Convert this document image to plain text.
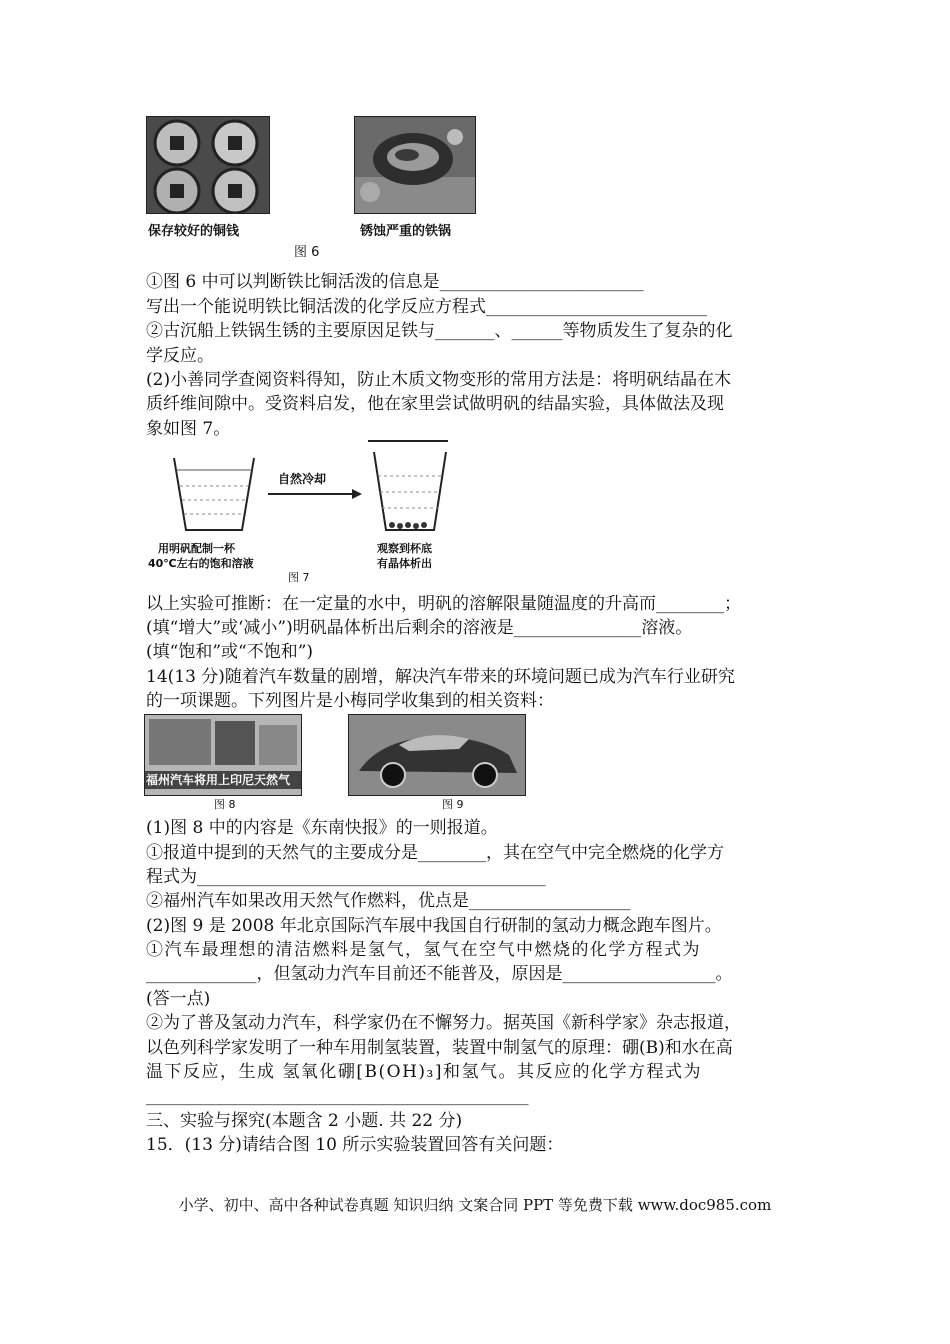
保存较好的铜钱	锈蚀严重的铁锅
图 6
①图 6 中可以判断铁比铜活泼的信息是________________________
写出一个能说明铁比铜活泼的化学反应方程式__________________________
②古沉船上铁锅生锈的主要原因足铁与_______、______等物质发生了复杂的化
学反应。
(2)小善同学查阅资料得知，防止木质文物变形的常用方法是：将明矾结晶在木
质纤维间隙中。受资料启发，他在家里尝试做明矾的结晶实验，具体做法及现
象如图 7。
自然冷却
用明矾配制一杯
40℃左右的饱和溶液
观察到杯底
有晶体析出
图 7
以上实验可推断：在一定量的水中，明矾的溶解限量随温度的升高而________；
(填“增大”或‘减小”)明矾晶体析出后剩余的溶液是_______________溶液。
(填“饱和”或“不饱和”)
14(13 分)随着汽车数量的剧增，解决汽车带来的环境问题已成为汽车行业研究
的一项课题。下列图片是小梅同学收集到的相关资料：
福州汽车将用上印尼天然气
图 8	图 9
(1)图 8 中的内容是《东南快报》的一则报道。
①报道中提到的天然气的主要成分是________，其在空气中完全燃烧的化学方
程式为_________________________________________
②福州汽车如果改用天然气作燃料，优点是___________________
(2)图 9 是 2008 年北京国际汽车展中我国自行研制的氢动力概念跑车图片。
①汽车最理想的清洁燃料是氢气，氢气在空气中燃烧的化学方程式为
_____________，但氢动力汽车目前还不能普及，原因是__________________。
(答一点)
②为了普及氢动力汽车，科学家仍在不懈努力。据英国《新科学家》杂志报道，
以色列科学家发明了一种车用制氢装置，装置中制氢气的原理：硼(B)和水在高
温下反应，生成 氢氧化硼[B(OH)₃]和氢气。其反应的化学方程式为
_____________________________________________
三、实验与探究(本题含 2 小题. 共 22 分)
15．(13 分)请结合图 10 所示实验装置回答有关问题：
小学、初中、高中各种试卷真题 知识归纳 文案合同 PPT 等免费下载 www.doc985.com
